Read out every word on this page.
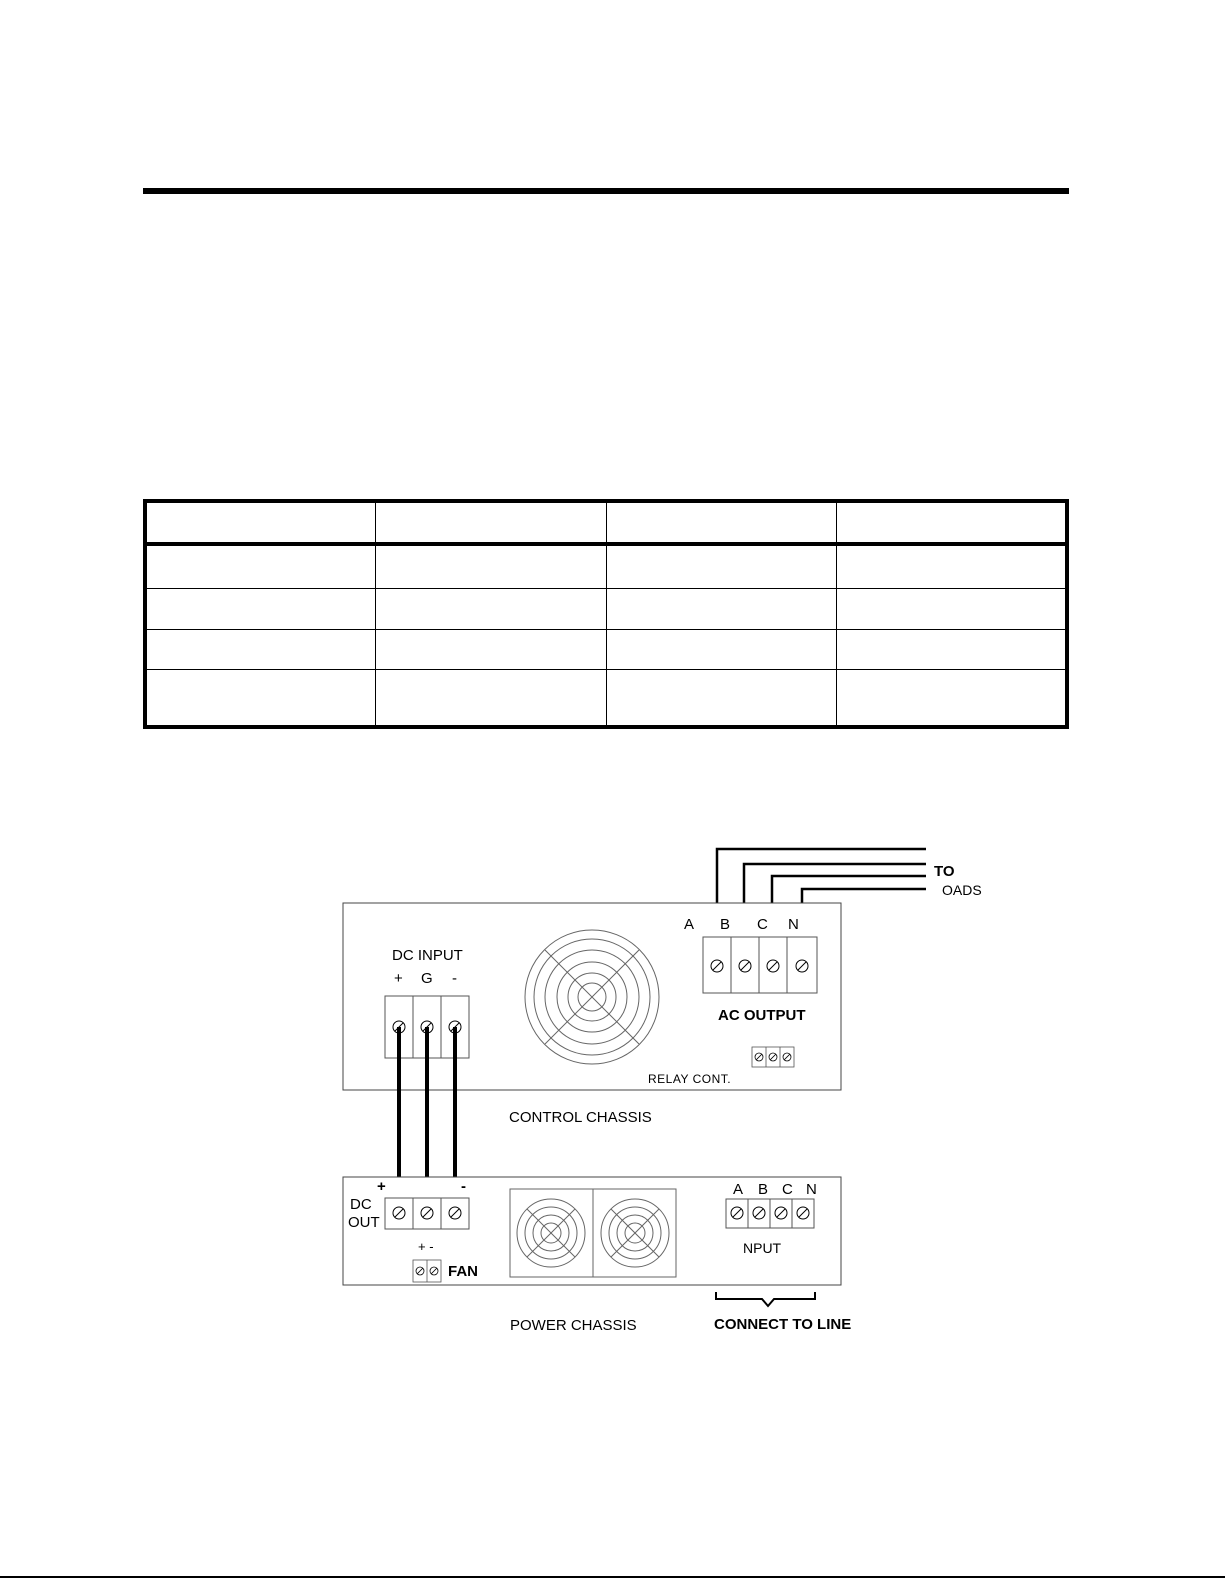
TO
OADS
A B C N
AC OUTPUT
RELAY CONT.
DC INPUT
+ G -
CONTROL CHASSIS
+	-
DC
OUT
+ -
FAN
A B C N
NPUT
POWER CHASSIS	CONNECT TO LINE
